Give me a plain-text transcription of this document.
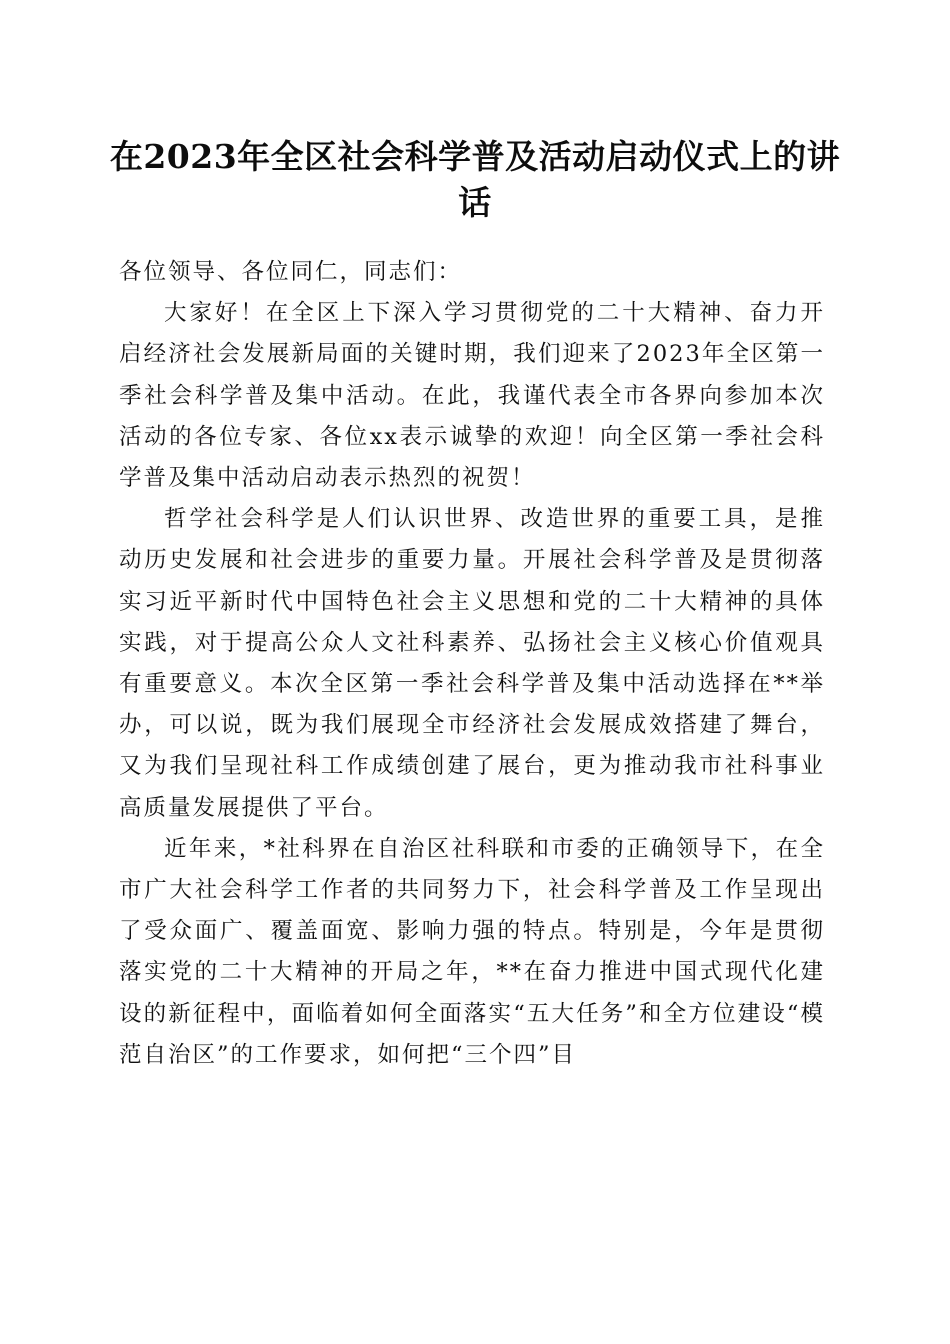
在2023年全区社会科学普及活动启动仪式上的讲话

各位领导、各位同仁，同志们：

大家好！在全区上下深入学习贯彻党的二十大精神、奋力开启经济社会发展新局面的关键时期，我们迎来了2023年全区第一季社会科学普及集中活动。在此，我谨代表全市各界向参加本次活动的各位专家、各位xx表示诚挚的欢迎！向全区第一季社会科学普及集中活动启动表示热烈的祝贺！

哲学社会科学是人们认识世界、改造世界的重要工具，是推动历史发展和社会进步的重要力量。开展社会科学普及是贯彻落实习近平新时代中国特色社会主义思想和党的二十大精神的具体实践，对于提高公众人文社科素养、弘扬社会主义核心价值观具有重要意义。本次全区第一季社会科学普及集中活动选择在**举办，可以说，既为我们展现全市经济社会发展成效搭建了舞台，又为我们呈现社科工作成绩创建了展台，更为推动我市社科事业高质量发展提供了平台。

近年来，*社科界在自治区社科联和市委的正确领导下，在全市广大社会科学工作者的共同努力下，社会科学普及工作呈现出了受众面广、覆盖面宽、影响力强的特点。特别是，今年是贯彻落实党的二十大精神的开局之年，**在奋力推进中国式现代化建设的新征程中，面临着如何全面落实“五大任务”和全方位建设“模范自治区”的工作要求，如何把“三个四”目
